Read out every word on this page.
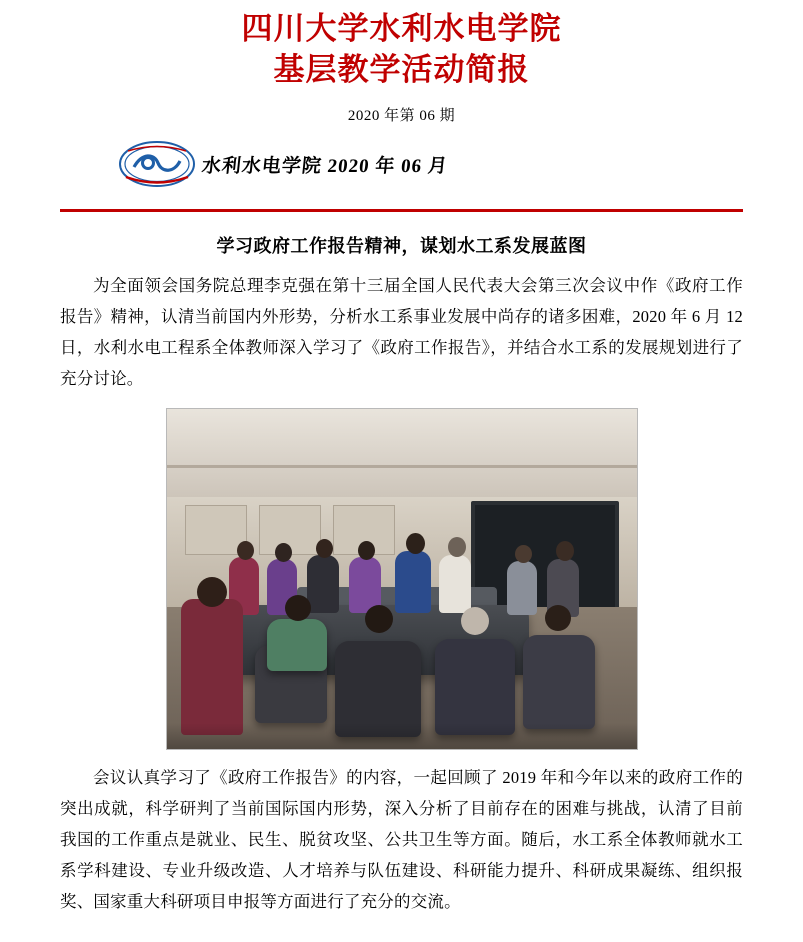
四川大学水利水电学院
基层教学活动简报
2020 年第 06 期
水利水电学院 2020 年 06 月
学习政府工作报告精神，谋划水工系发展蓝图
为全面领会国务院总理李克强在第十三届全国人民代表大会第三次会议中作《政府工作报告》精神，认清当前国内外形势，分析水工系事业发展中尚存的诸多困难，2020 年 6 月 12 日，水利水电工程系全体教师深入学习了《政府工作报告》，并结合水工系的发展规划进行了充分讨论。
会议认真学习了《政府工作报告》的内容，一起回顾了 2019 年和今年以来的政府工作的突出成就，科学研判了当前国际国内形势，深入分析了目前存在的困难与挑战，认清了目前我国的工作重点是就业、民生、脱贫攻坚、公共卫生等方面。随后，水工系全体教师就水工系学科建设、专业升级改造、人才培养与队伍建设、科研能力提升、科研成果凝练、组织报奖、国家重大科研项目申报等方面进行了充分的交流。
